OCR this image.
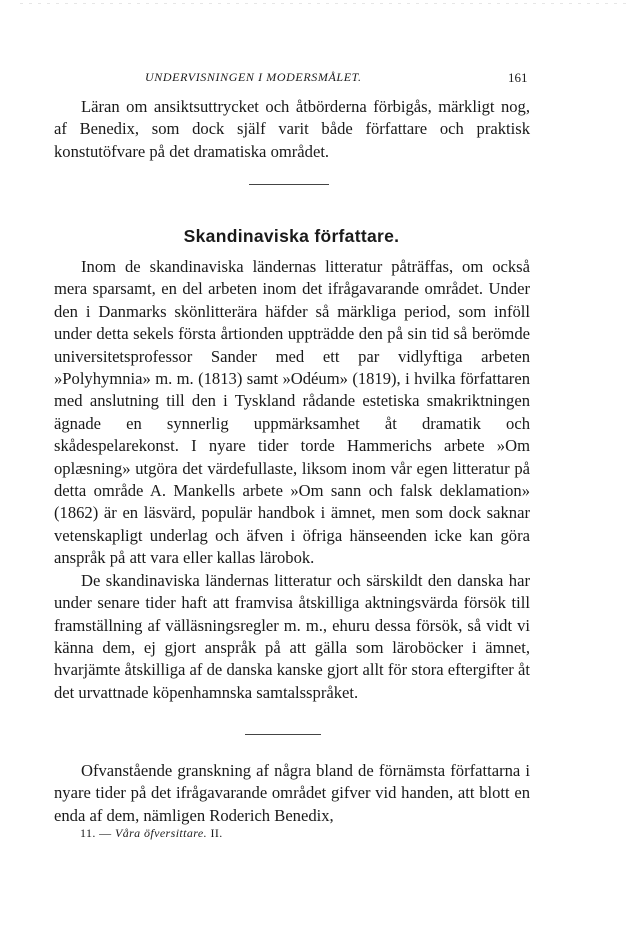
UNDERVISNINGEN I MODERSMÅLET.	161

Läran om ansiktsuttrycket och åtbörderna förbigås, märkligt nog, af Benedix, som dock själf varit både författare och praktisk konstutöfvare på det dramatiska området.

Skandinaviska författare.

Inom de skandinaviska ländernas litteratur påträffas, om också mera sparsamt, en del arbeten inom det ifrågavarande området. Under den i Danmarks skönlitterära häfder så märkliga period, som inföll under detta sekels första årtionden uppträdde den på sin tid så berömde universitetsprofessor Sander med ett par vidlyftiga arbeten »Polyhymnia» m. m. (1813) samt »Odéum» (1819), i hvilka författaren med anslutning till den i Tyskland rådande estetiska smakriktningen ägnade en synnerlig uppmärksamhet åt dramatik och skådespelarekonst. I nyare tider torde Hammerichs arbete »Om oplæsning» utgöra det värdefullaste, liksom inom vår egen litteratur på detta område A. Mankells arbete »Om sann och falsk deklamation» (1862) är en läsvärd, populär handbok i ämnet, men som dock saknar vetenskapligt underlag och äfven i öfriga hänseenden icke kan göra anspråk på att vara eller kallas lärobok.

De skandinaviska ländernas litteratur och särskildt den danska har under senare tider haft att framvisa åtskilliga aktningsvärda försök till framställning af välläsningsregler m. m., ehuru dessa försök, så vidt vi känna dem, ej gjort anspråk på att gälla som läroböcker i ämnet, hvarjämte åtskilliga af de danska kanske gjort allt för stora eftergifter åt det urvattnade köpenhamnska samtalsspråket.

Ofvanstående granskning af några bland de förnämsta författarna i nyare tider på det ifrågavarande området gifver vid handen, att blott en enda af dem, nämligen Roderich Benedix,

11. — Våra öfversittare. II.
